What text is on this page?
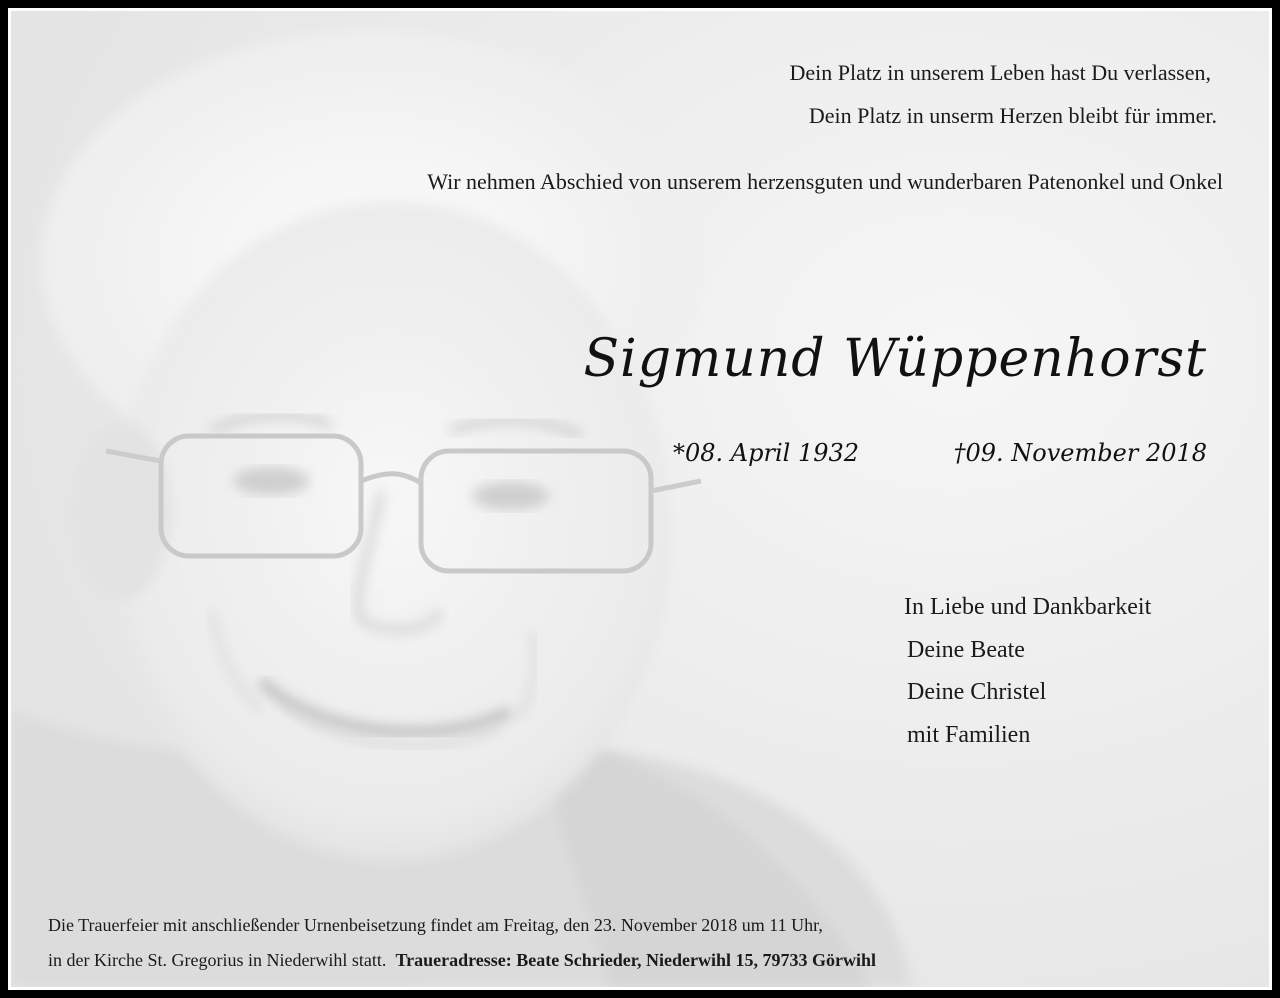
Dein Platz in unserem Leben hast Du verlassen,
Dein Platz in unserm Herzen bleibt für immer.
Wir nehmen Abschied von unserem herzensguten und wunderbaren Patenonkel und Onkel
Sigmund Wüppenhorst
*08. April 1932	†09. November 2018
In Liebe und Dankbarkeit
Deine Beate
Deine Christel
mit Familien
Die Trauerfeier mit anschließender Urnenbeisetzung findet am Freitag, den 23. November 2018 um 11 Uhr,
in der Kirche St. Gregorius in Niederwihl statt. Traueradresse: Beate Schrieder, Niederwihl 15, 79733 Görwihl
